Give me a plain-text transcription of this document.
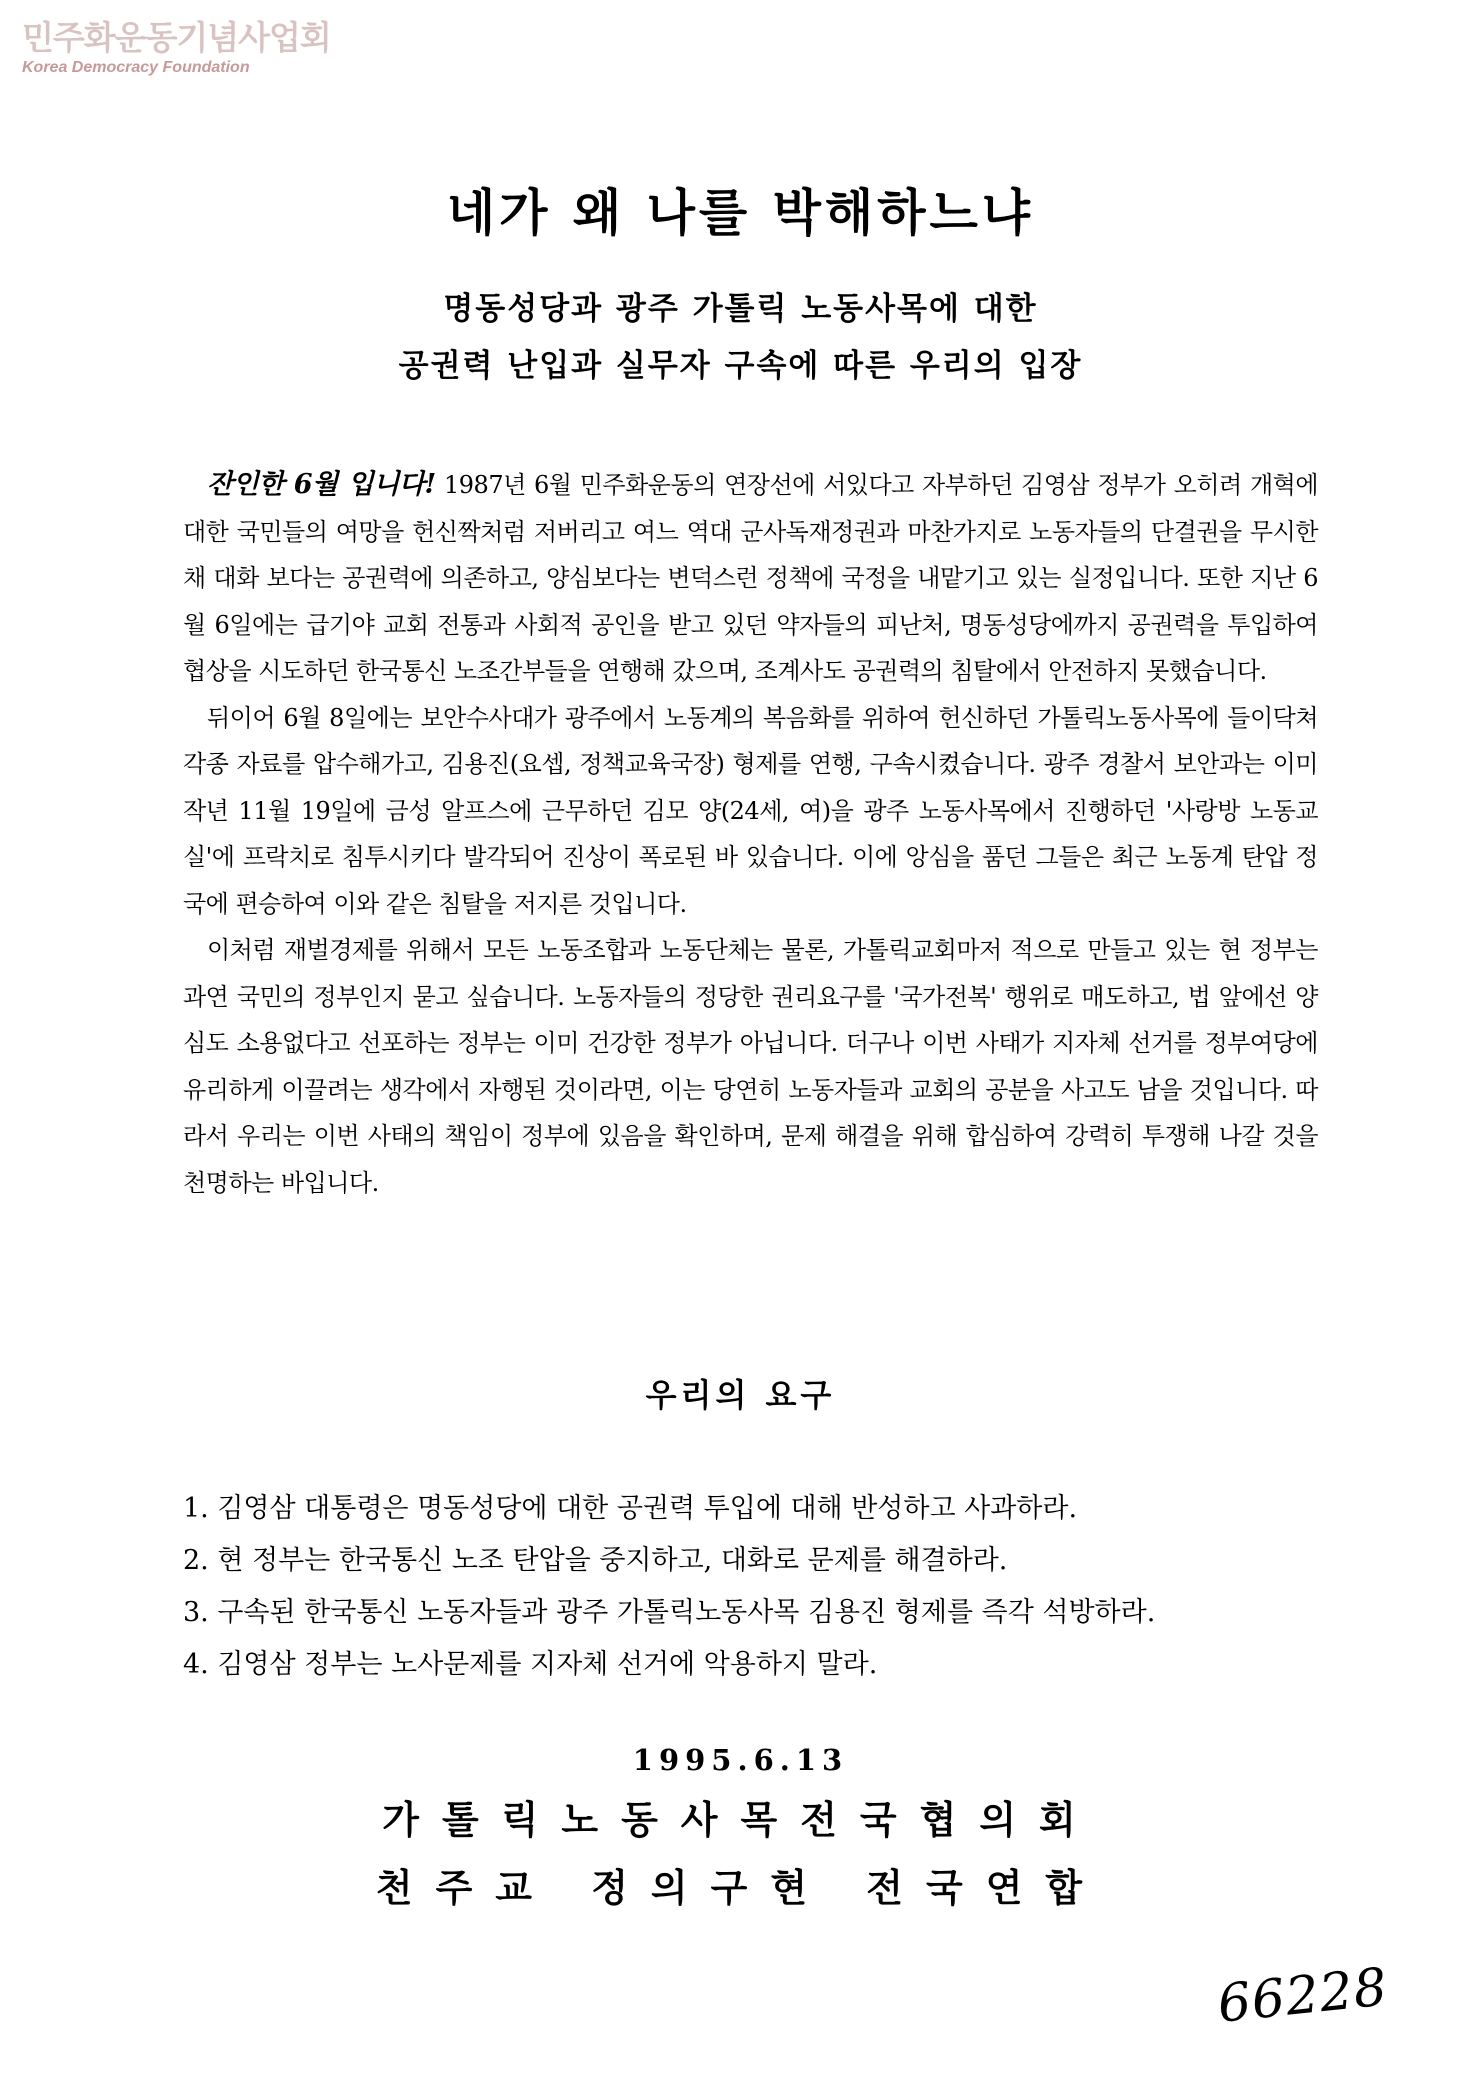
민주화운동기념사업회
Korea Democracy Foundation
네가 왜 나를 박해하느냐
명동성당과 광주 가톨릭 노동사목에 대한
공권력 난입과 실무자 구속에 따른 우리의 입장

잔인한 6월 입니다! 1987년 6월 민주화운동의 연장선에 서있다고 자부하던 김영삼 정부가 오히려 개혁에 대한 국민들의 여망을 헌신짝처럼 저버리고 여느 역대 군사독재정권과 마찬가지로 노동자들의 단결권을 무시한 채 대화 보다는 공권력에 의존하고, 양심보다는 변덕스런 정책에 국정을 내맡기고 있는 실정입니다. 또한 지난 6월 6일에는 급기야 교회 전통과 사회적 공인을 받고 있던 약자들의 피난처, 명동성당에까지 공권력을 투입하여 협상을 시도하던 한국통신 노조간부들을 연행해 갔으며, 조계사도 공권력의 침탈에서 안전하지 못했습니다.

뒤이어 6월 8일에는 보안수사대가 광주에서 노동계의 복음화를 위하여 헌신하던 가톨릭노동사목에 들이닥쳐 각종 자료를 압수해가고, 김용진(요셉, 정책교육국장) 형제를 연행, 구속시켰습니다. 광주 경찰서 보안과는 이미 작년 11월 19일에 금성 알프스에 근무하던 김모 양(24세, 여)을 광주 노동사목에서 진행하던 '사랑방 노동교실'에 프락치로 침투시키다 발각되어 진상이 폭로된 바 있습니다. 이에 앙심을 품던 그들은 최근 노동계 탄압 정국에 편승하여 이와 같은 침탈을 저지른 것입니다.

이처럼 재벌경제를 위해서 모든 노동조합과 노동단체는 물론, 가톨릭교회마저 적으로 만들고 있는 현 정부는 과연 국민의 정부인지 묻고 싶습니다. 노동자들의 정당한 권리요구를 '국가전복' 행위로 매도하고, 법 앞에선 양심도 소용없다고 선포하는 정부는 이미 건강한 정부가 아닙니다. 더구나 이번 사태가 지자체 선거를 정부여당에 유리하게 이끌려는 생각에서 자행된 것이라면, 이는 당연히 노동자들과 교회의 공분을 사고도 남을 것입니다. 따라서 우리는 이번 사태의 책임이 정부에 있음을 확인하며, 문제 해결을 위해 합심하여 강력히 투쟁해 나갈 것을 천명하는 바입니다.

우리의 요구
1. 김영삼 대통령은 명동성당에 대한 공권력 투입에 대해 반성하고 사과하라.
2. 현 정부는 한국통신 노조 탄압을 중지하고, 대화로 문제를 해결하라.
3. 구속된 한국통신 노동자들과 광주 가톨릭노동사목 김용진 형제를 즉각 석방하라.
4. 김영삼 정부는 노사문제를 지자체 선거에 악용하지 말라.
1995.6.13
가톨릭노동사목전국협의회
천주교 정의구현 전국연합
66228
